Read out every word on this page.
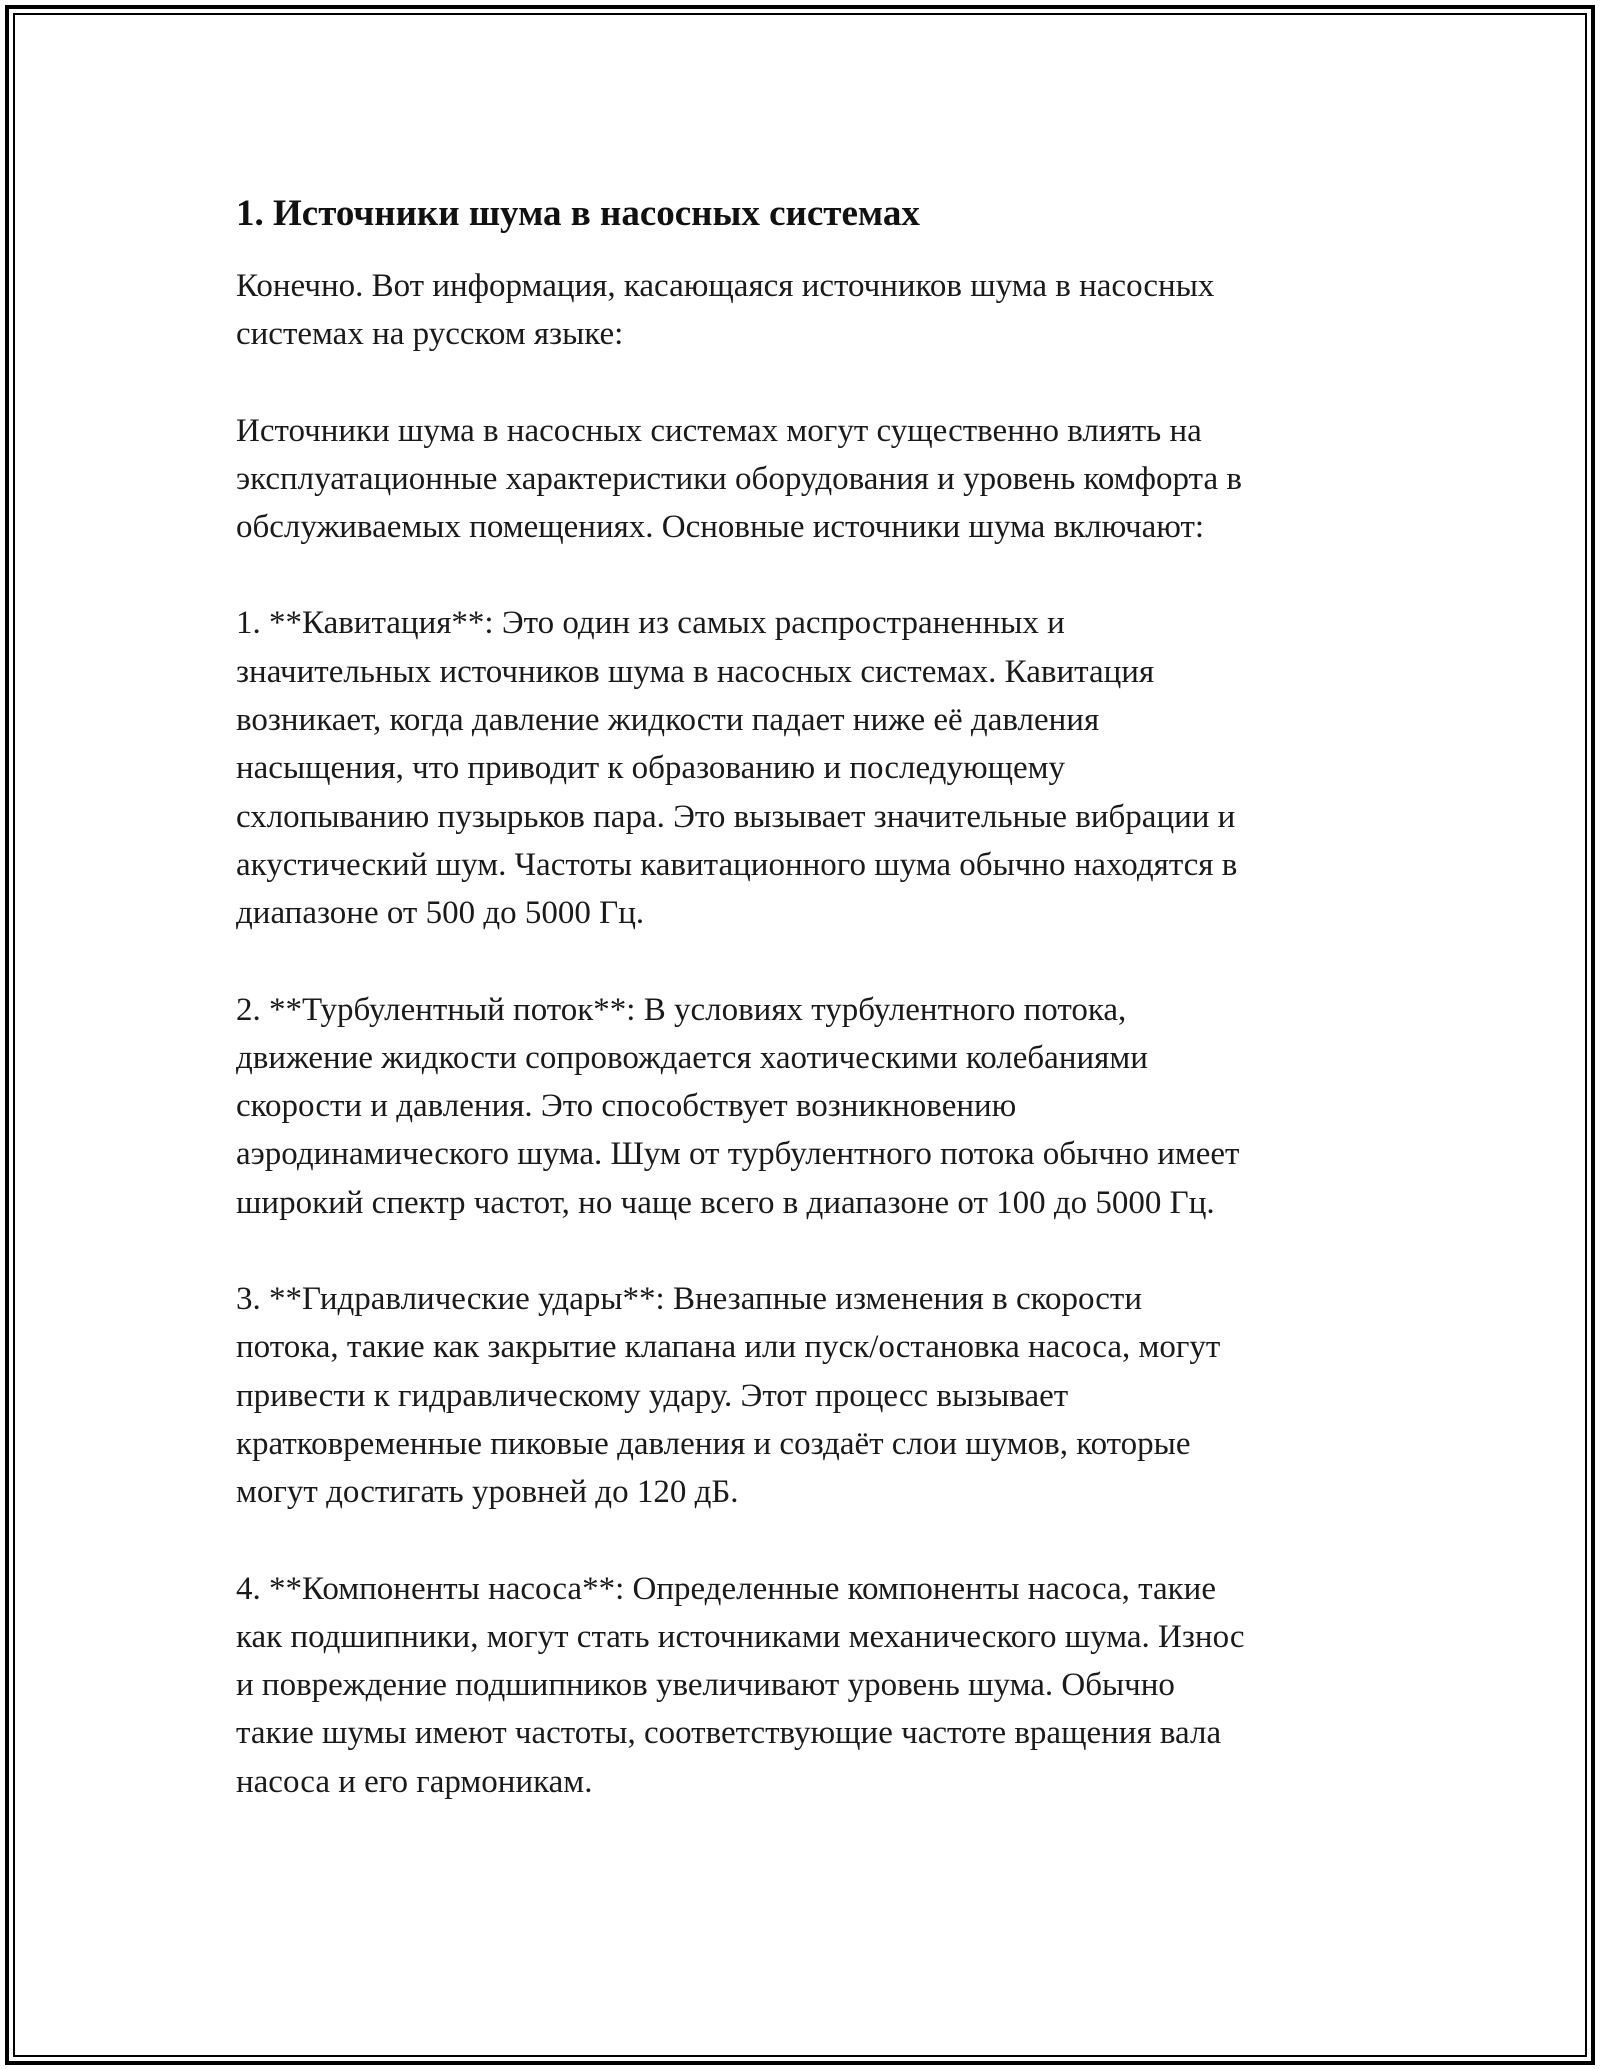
1. Источники шума в насосных системах

Конечно. Вот информация, касающаяся источников шума в насосных
системах на русском языке:

Источники шума в насосных системах могут существенно влиять на
эксплуатационные характеристики оборудования и уровень комфорта в
обслуживаемых помещениях. Основные источники шума включают:

1. **Кавитация**: Это один из самых распространенных и
значительных источников шума в насосных системах. Кавитация
возникает, когда давление жидкости падает ниже её давления
насыщения, что приводит к образованию и последующему
схлопыванию пузырьков пара. Это вызывает значительные вибрации и
акустический шум. Частоты кавитационного шума обычно находятся в
диапазоне от 500 до 5000 Гц.

2. **Турбулентный поток**: В условиях турбулентного потока,
движение жидкости сопровождается хаотическими колебаниями
скорости и давления. Это способствует возникновению
аэродинамического шума. Шум от турбулентного потока обычно имеет
широкий спектр частот, но чаще всего в диапазоне от 100 до 5000 Гц.

3. **Гидравлические удары**: Внезапные изменения в скорости
потока, такие как закрытие клапана или пуск/остановка насоса, могут
привести к гидравлическому удару. Этот процесс вызывает
кратковременные пиковые давления и создаёт слои шумов, которые
могут достигать уровней до 120 дБ.

4. **Компоненты насоса**: Определенные компоненты насоса, такие
как подшипники, могут стать источниками механического шума. Износ
и повреждение подшипников увеличивают уровень шума. Обычно
такие шумы имеют частоты, соответствующие частоте вращения вала
насоса и его гармоникам.
